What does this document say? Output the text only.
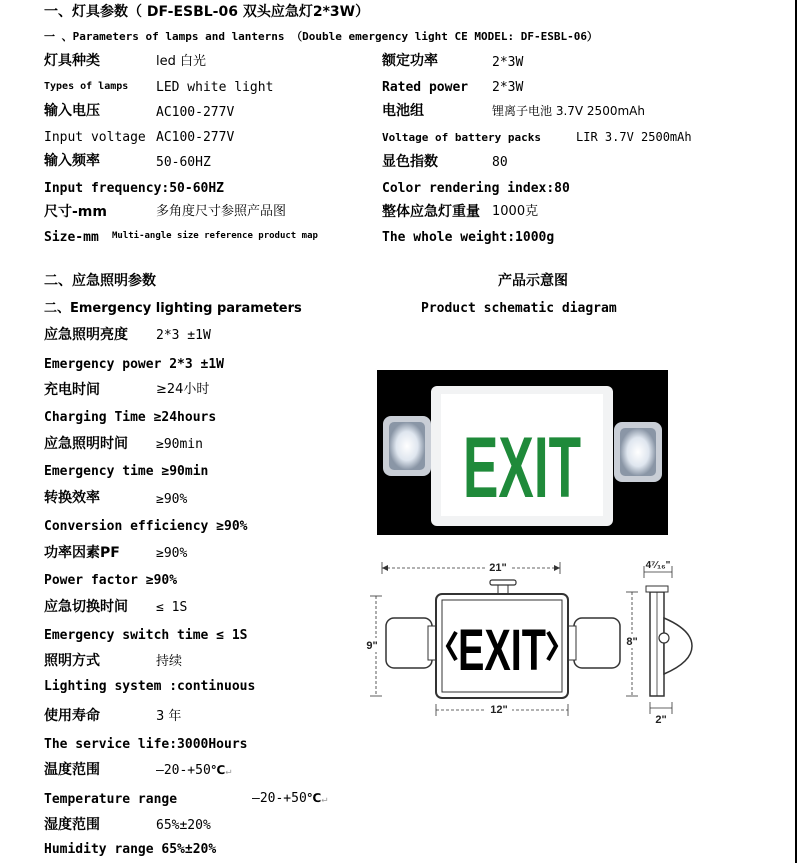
一、灯具参数（ DF-ESBL-06 双头应急灯2*3W）
一 、Parameters of lamps and lanterns （Double emergency light CE MODEL: DF-ESBL-06）
灯具种类	led 白光	额定功率	2*3W
Types of lamps LED white light	Rated power 2*3W
输入电压	AC100-277V	电池组	锂离子电池 3.7V 2500mAh
Input voltage AC100-277V	Voltage of battery packs	LIR 3.7V 2500mAh
输入频率	50-60HZ	显色指数	80
Input frequency:50-60HZ	Color rendering index:80
尺寸-mm	多角度尺寸参照产品图	整体应急灯重量 1000克
Size-mm Multi-angle size reference product map	The whole weight:1000g
二、应急照明参数	产品示意图
二、Emergency lighting parameters	Product schematic diagram
应急照明亮度 2*3 ±1W
Emergency power 2*3 ±1W
充电时间	≥24小时
Charging Time ≥24hours
应急照明时间 ≥90min
Emergency time ≥90min
转换效率	≥90%
Conversion efficiency ≥90%
功率因素PF	≥90%
Power factor ≥90%
应急切换时间 ≤ 1S
Emergency switch time ≤ 1S
照明方式	持续
Lighting system :continuous
使用寿命	3 年
The service life:3000Hours
温度范围	—20-+50℃↵
Temperature range	—20-+50℃↵
湿度范围	65%±20%
Humidity range 65%±20%
EXIT
21"
9" EXIT
12"
4⁷⁄₁₆"
8"
2"
